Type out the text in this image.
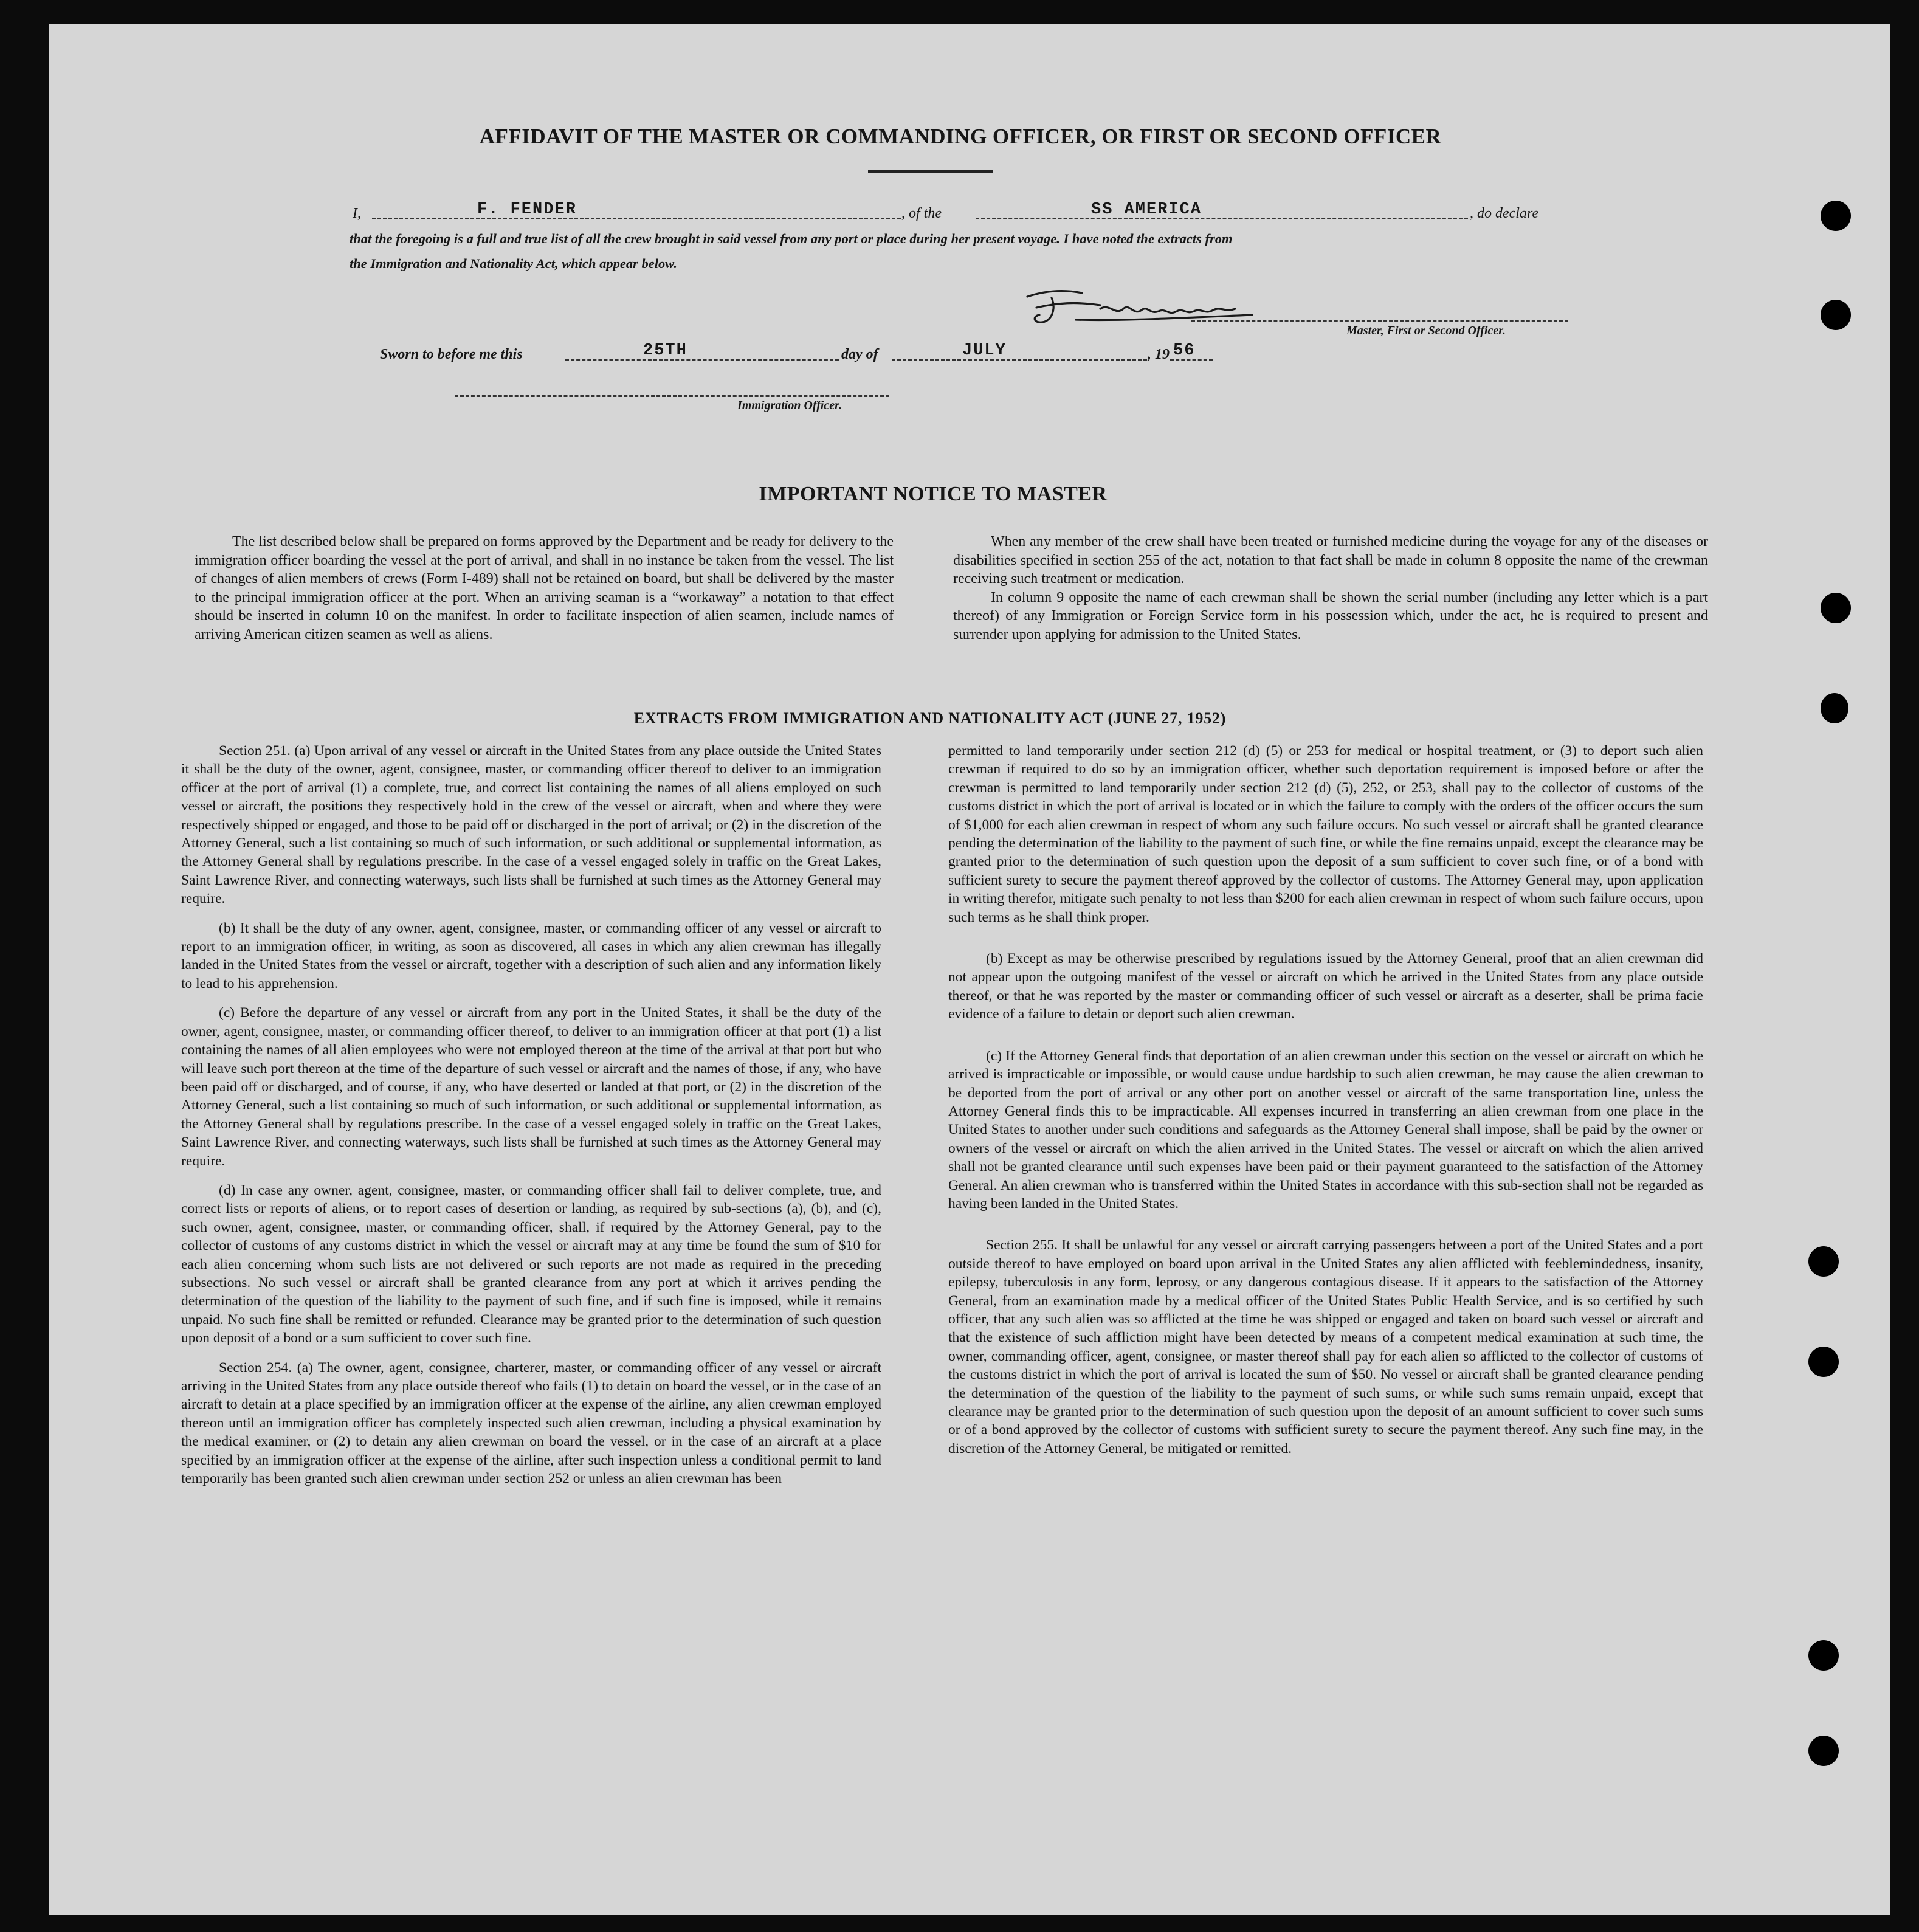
AFFIDAVIT OF THE MASTER OR COMMANDING OFFICER, OR FIRST OR SECOND OFFICER
I,	F. FENDER	, of the	SS AMERICA	, do declare
that the foregoing is a full and true list of all the crew brought in said vessel from any port or place during her present voyage. I have noted the extracts from
the Immigration and Nationality Act, which appear below.
Master, First or Second Officer.
Sworn to before me this	25TH	day of	JULY	, 19 56
Immigration Officer.
IMPORTANT NOTICE TO MASTER

The list described below shall be prepared on forms approved by the Department and be ready for delivery to the immigration officer boarding the vessel at the port of arrival, and shall in no instance be taken from the vessel. The list of changes of alien members of crews (Form I-489) shall not be retained on board, but shall be delivered by the master to the principal immigration officer at the port. When an arriving seaman is a “workaway” a notation to that effect should be inserted in column 10 on the manifest. In order to facilitate inspection of alien seamen, include names of arriving American citizen seamen as well as aliens.

When any member of the crew shall have been treated or furnished medicine during the voyage for any of the diseases or disabilities specified in section 255 of the act, notation to that fact shall be made in column 8 opposite the name of the crewman receiving such treatment or medication.

In column 9 opposite the name of each crewman shall be shown the serial number (including any letter which is a part thereof) of any Immigration or Foreign Service form in his possession which, under the act, he is required to present and surrender upon applying for admission to the United States.

EXTRACTS FROM IMMIGRATION AND NATIONALITY ACT (JUNE 27, 1952)

Section 251. (a) Upon arrival of any vessel or aircraft in the United States from any place outside the United States it shall be the duty of the owner, agent, consignee, master, or commanding officer thereof to deliver to an immigration officer at the port of arrival (1) a complete, true, and correct list containing the names of all aliens employed on such vessel or aircraft, the positions they respectively hold in the crew of the vessel or aircraft, when and where they were respectively shipped or engaged, and those to be paid off or discharged in the port of arrival; or (2) in the discretion of the Attorney General, such a list containing so much of such information, or such additional or supplemental information, as the Attorney General shall by regulations prescribe. In the case of a vessel engaged solely in traffic on the Great Lakes, Saint Lawrence River, and connecting waterways, such lists shall be furnished at such times as the Attorney General may require.

(b) It shall be the duty of any owner, agent, consignee, master, or commanding officer of any vessel or aircraft to report to an immigration officer, in writing, as soon as discovered, all cases in which any alien crewman has illegally landed in the United States from the vessel or aircraft, together with a description of such alien and any information likely to lead to his apprehension.

(c) Before the departure of any vessel or aircraft from any port in the United States, it shall be the duty of the owner, agent, consignee, master, or commanding officer thereof, to deliver to an immigration officer at that port (1) a list containing the names of all alien employees who were not employed thereon at the time of the arrival at that port but who will leave such port thereon at the time of the departure of such vessel or aircraft and the names of those, if any, who have been paid off or discharged, and of course, if any, who have deserted or landed at that port, or (2) in the discretion of the Attorney General, such a list containing so much of such information, or such additional or supplemental information, as the Attorney General shall by regulations prescribe. In the case of a vessel engaged solely in traffic on the Great Lakes, Saint Lawrence River, and connecting waterways, such lists shall be furnished at such times as the Attorney General may require.

(d) In case any owner, agent, consignee, master, or commanding officer shall fail to deliver complete, true, and correct lists or reports of aliens, or to report cases of desertion or landing, as required by sub-sections (a), (b), and (c), such owner, agent, consignee, master, or commanding officer, shall, if required by the Attorney General, pay to the collector of customs of any customs district in which the vessel or aircraft may at any time be found the sum of $10 for each alien concerning whom such lists are not delivered or such reports are not made as required in the preceding subsections. No such vessel or aircraft shall be granted clearance from any port at which it arrives pending the determination of the question of the liability to the payment of such fine, and if such fine is imposed, while it remains unpaid. No such fine shall be remitted or refunded. Clearance may be granted prior to the determination of such question upon deposit of a bond or a sum sufficient to cover such fine.

Section 254. (a) The owner, agent, consignee, charterer, master, or commanding officer of any vessel or aircraft arriving in the United States from any place outside thereof who fails (1) to detain on board the vessel, or in the case of an aircraft to detain at a place specified by an immigration officer at the expense of the airline, any alien crewman employed thereon until an immigration officer has completely inspected such alien crewman, including a physical examination by the medical examiner, or (2) to detain any alien crewman on board the vessel, or in the case of an aircraft at a place specified by an immigration officer at the expense of the airline, after such inspection unless a conditional permit to land temporarily has been granted such alien crewman under section 252 or unless an alien crewman has been

permitted to land temporarily under section 212 (d) (5) or 253 for medical or hospital treatment, or (3) to deport such alien crewman if required to do so by an immigration officer, whether such deportation requirement is imposed before or after the crewman is permitted to land temporarily under section 212 (d) (5), 252, or 253, shall pay to the collector of customs of the customs district in which the port of arrival is located or in which the failure to comply with the orders of the officer occurs the sum of $1,000 for each alien crewman in respect of whom any such failure occurs. No such vessel or aircraft shall be granted clearance pending the determination of the liability to the payment of such fine, or while the fine remains unpaid, except the clearance may be granted prior to the determination of such question upon the deposit of a sum sufficient to cover such fine, or of a bond with sufficient surety to secure the payment thereof approved by the collector of customs. The Attorney General may, upon application in writing therefor, mitigate such penalty to not less than $200 for each alien crewman in respect of whom such failure occurs, upon such terms as he shall think proper.

(b) Except as may be otherwise prescribed by regulations issued by the Attorney General, proof that an alien crewman did not appear upon the outgoing manifest of the vessel or aircraft on which he arrived in the United States from any place outside thereof, or that he was reported by the master or commanding officer of such vessel or aircraft as a deserter, shall be prima facie evidence of a failure to detain or deport such alien crewman.

(c) If the Attorney General finds that deportation of an alien crewman under this section on the vessel or aircraft on which he arrived is impracticable or impossible, or would cause undue hardship to such alien crewman, he may cause the alien crewman to be deported from the port of arrival or any other port on another vessel or aircraft of the same transportation line, unless the Attorney General finds this to be impracticable. All expenses incurred in transferring an alien crewman from one place in the United States to another under such conditions and safeguards as the Attorney General shall impose, shall be paid by the owner or owners of the vessel or aircraft on which the alien arrived in the United States. The vessel or aircraft on which the alien arrived shall not be granted clearance until such expenses have been paid or their payment guaranteed to the satisfaction of the Attorney General. An alien crewman who is transferred within the United States in accordance with this sub-section shall not be regarded as having been landed in the United States.

Section 255. It shall be unlawful for any vessel or aircraft carrying passengers between a port of the United States and a port outside thereof to have employed on board upon arrival in the United States any alien afflicted with feeblemindedness, insanity, epilepsy, tuberculosis in any form, leprosy, or any dangerous contagious disease. If it appears to the satisfaction of the Attorney General, from an examination made by a medical officer of the United States Public Health Service, and is so certified by such officer, that any such alien was so afflicted at the time he was shipped or engaged and taken on board such vessel or aircraft and that the existence of such affliction might have been detected by means of a competent medical examination at such time, the owner, commanding officer, agent, consignee, or master thereof shall pay for each alien so afflicted to the collector of customs of the customs district in which the port of arrival is located the sum of $50. No vessel or aircraft shall be granted clearance pending the determination of the question of the liability to the payment of such sums, or while such sums remain unpaid, except that clearance may be granted prior to the determination of such question upon the deposit of an amount sufficient to cover such sums or of a bond approved by the collector of customs with sufficient surety to secure the payment thereof. Any such fine may, in the discretion of the Attorney General, be mitigated or remitted.
